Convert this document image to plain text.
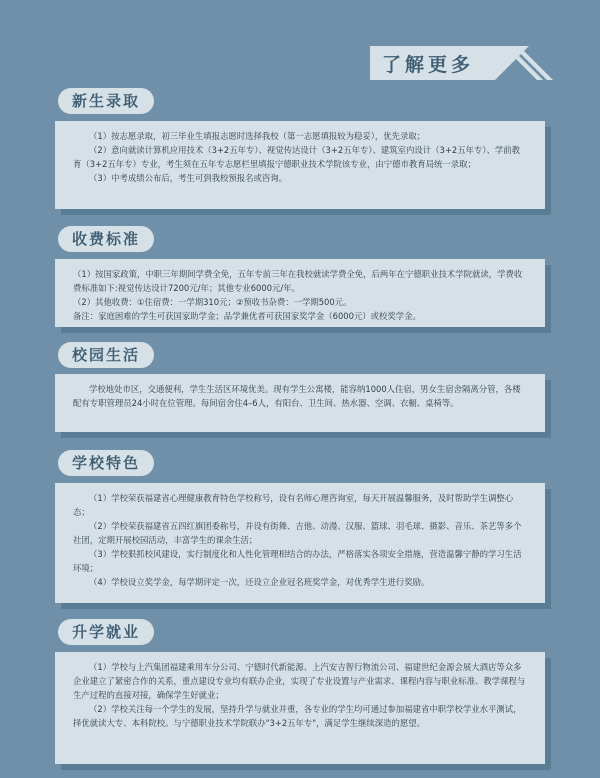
了解更多
新生录取

（1）按志愿录取，初三毕业生填报志愿时选择我校（第一志愿填报较为稳妥），优先录取；

（2）意向就读计算机应用技术（3+2五年专）、视觉传达设计（3+2五年专）、建筑室内设计（3+2五年专）、学前教育（3+2五年专）专业，考生须在五年专志愿栏里填报宁德职业技术学院该专业，由宁德市教育局统一录取；

（3）中考成绩公布后，考生可到我校预报名或咨询。

收费标准

（1）按国家政策，中职三年期间学费全免，五年专前三年在我校就读学费全免，后两年在宁德职业技术学院就读，学费收费标准如下:视觉传达设计7200元/年；其他专业6000元/年。

（2）其他收费：①住宿费：一学期310元；②预收书杂费：一学期500元。

备注：家庭困难的学生可获国家助学金；品学兼优者可获国家奖学金（6000元）或校奖学金。

校园生活

学校地处市区，交通便利，学生生活区环境优美。现有学生公寓楼，能容纳1000人住宿，男女生宿舍隔离分管，各楼配有专职管理员24小时在位管理。每间宿舍住4–6人，有阳台、卫生间、热水器、空调、衣橱、桌椅等。

学校特色

（1）学校荣获福建省心理健康教育特色学校称号，设有名师心理咨询室，每天开展温馨服务，及时帮助学生调整心态；

（2）学校荣获福建省五四红旗团委称号，并设有街舞、吉他、动漫、汉服、篮球、羽毛球、摄影、音乐、茶艺等多个社团，定期开展校园活动，丰富学生的课余生活；

（3）学校狠抓校风建设，实行制度化和人性化管理相结合的办法，严格落实各项安全措施，营造温馨宁静的学习生活环境；

（4）学校设立奖学金，每学期评定一次，还设立企业冠名班奖学金，对优秀学生进行奖励。

升学就业

（1）学校与上汽集团福建乘用车分公司、宁德时代新能源、上汽安吉智行物流公司、福建世纪金源会展大酒店等众多企业建立了紧密合作的关系，重点建设专业均有联办企业，实现了专业设置与产业需求、课程内容与职业标准、教学课程与生产过程的直接对接，确保学生好就业；

（2）学校关注每一个学生的发展，坚持升学与就业并重，各专业的学生均可通过参加福建省中职学校学业水平测试，择优就读大专、本科院校。与宁德职业技术学院联办"3+2五年专"，满足学生继续深造的愿望。
